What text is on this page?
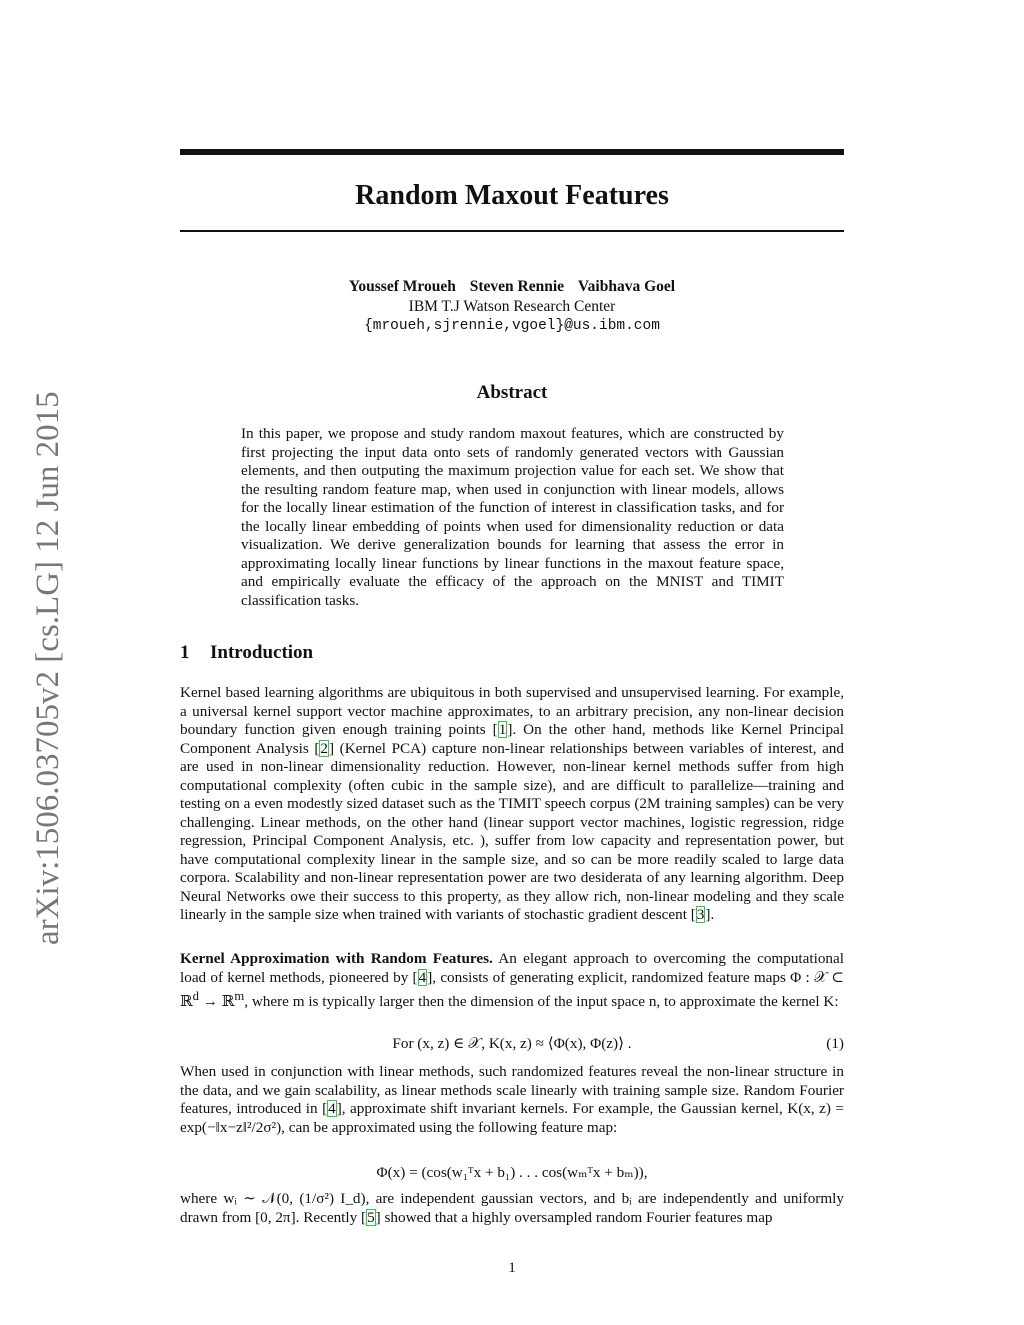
Random Maxout Features
arXiv:1506.03705v2 [cs.LG] 12 Jun 2015
Youssef Mroueh Steven Rennie Vaibhava Goel
IBM T.J Watson Research Center
{mroueh,sjrennie,vgoel}@us.ibm.com
Abstract

In this paper, we propose and study random maxout features, which are constructed by first projecting the input data onto sets of randomly generated vectors with Gaussian elements, and then outputing the maximum projection value for each set. We show that the resulting random feature map, when used in conjunction with linear models, allows for the locally linear estimation of the function of interest in classification tasks, and for the locally linear embedding of points when used for dimensionality reduction or data visualization. We derive generalization bounds for learning that assess the error in approximating locally linear functions by linear functions in the maxout feature space, and empirically evaluate the efficacy of the approach on the MNIST and TIMIT classification tasks.

1 Introduction

Kernel based learning algorithms are ubiquitous in both supervised and unsupervised learning. For example, a universal kernel support vector machine approximates, to an arbitrary precision, any non-linear decision boundary function given enough training points [1]. On the other hand, methods like Kernel Principal Component Analysis [2] (Kernel PCA) capture non-linear relationships between variables of interest, and are used in non-linear dimensionality reduction. However, non-linear kernel methods suffer from high computational complexity (often cubic in the sample size), and are difficult to parallelize—training and testing on a even modestly sized dataset such as the TIMIT speech corpus (2M training samples) can be very challenging. Linear methods, on the other hand (linear support vector machines, logistic regression, ridge regression, Principal Component Analysis, etc. ), suffer from low capacity and representation power, but have computational complexity linear in the sample size, and so can be more readily scaled to large data corpora. Scalability and non-linear representation power are two desiderata of any learning algorithm. Deep Neural Networks owe their success to this property, as they allow rich, non-linear modeling and they scale linearly in the sample size when trained with variants of stochastic gradient descent [3].

Kernel Approximation with Random Features. An elegant approach to overcoming the computational load of kernel methods, pioneered by [4], consists of generating explicit, randomized feature maps Φ : 𝒳 ⊂ ℝ$^d$ → ℝ$^m$, where m is typically larger then the dimension of the input space n, to approximate the kernel K:

For (x, z) ∈ 𝒳, K(x, z) ≈ ⟨Φ(x), Φ(z)⟩ .	(1)

When used in conjunction with linear methods, such randomized features reveal the non-linear structure in the data, and we gain scalability, as linear methods scale linearly with training sample size. Random Fourier features, introduced in [4], approximate shift invariant kernels. For example, the Gaussian kernel, K(x, z) = exp(−‖x−z‖²/2σ²), can be approximated using the following feature map:

Φ(x) = (cos(w₁ᵀx + b₁) . . . cos(wₘᵀx + bₘ)),

where wᵢ ∼ 𝒩(0, (1/σ²) I_d), are independent gaussian vectors, and bᵢ are independently and uniformly drawn from [0, 2π]. Recently [5] showed that a highly oversampled random Fourier features map

1
